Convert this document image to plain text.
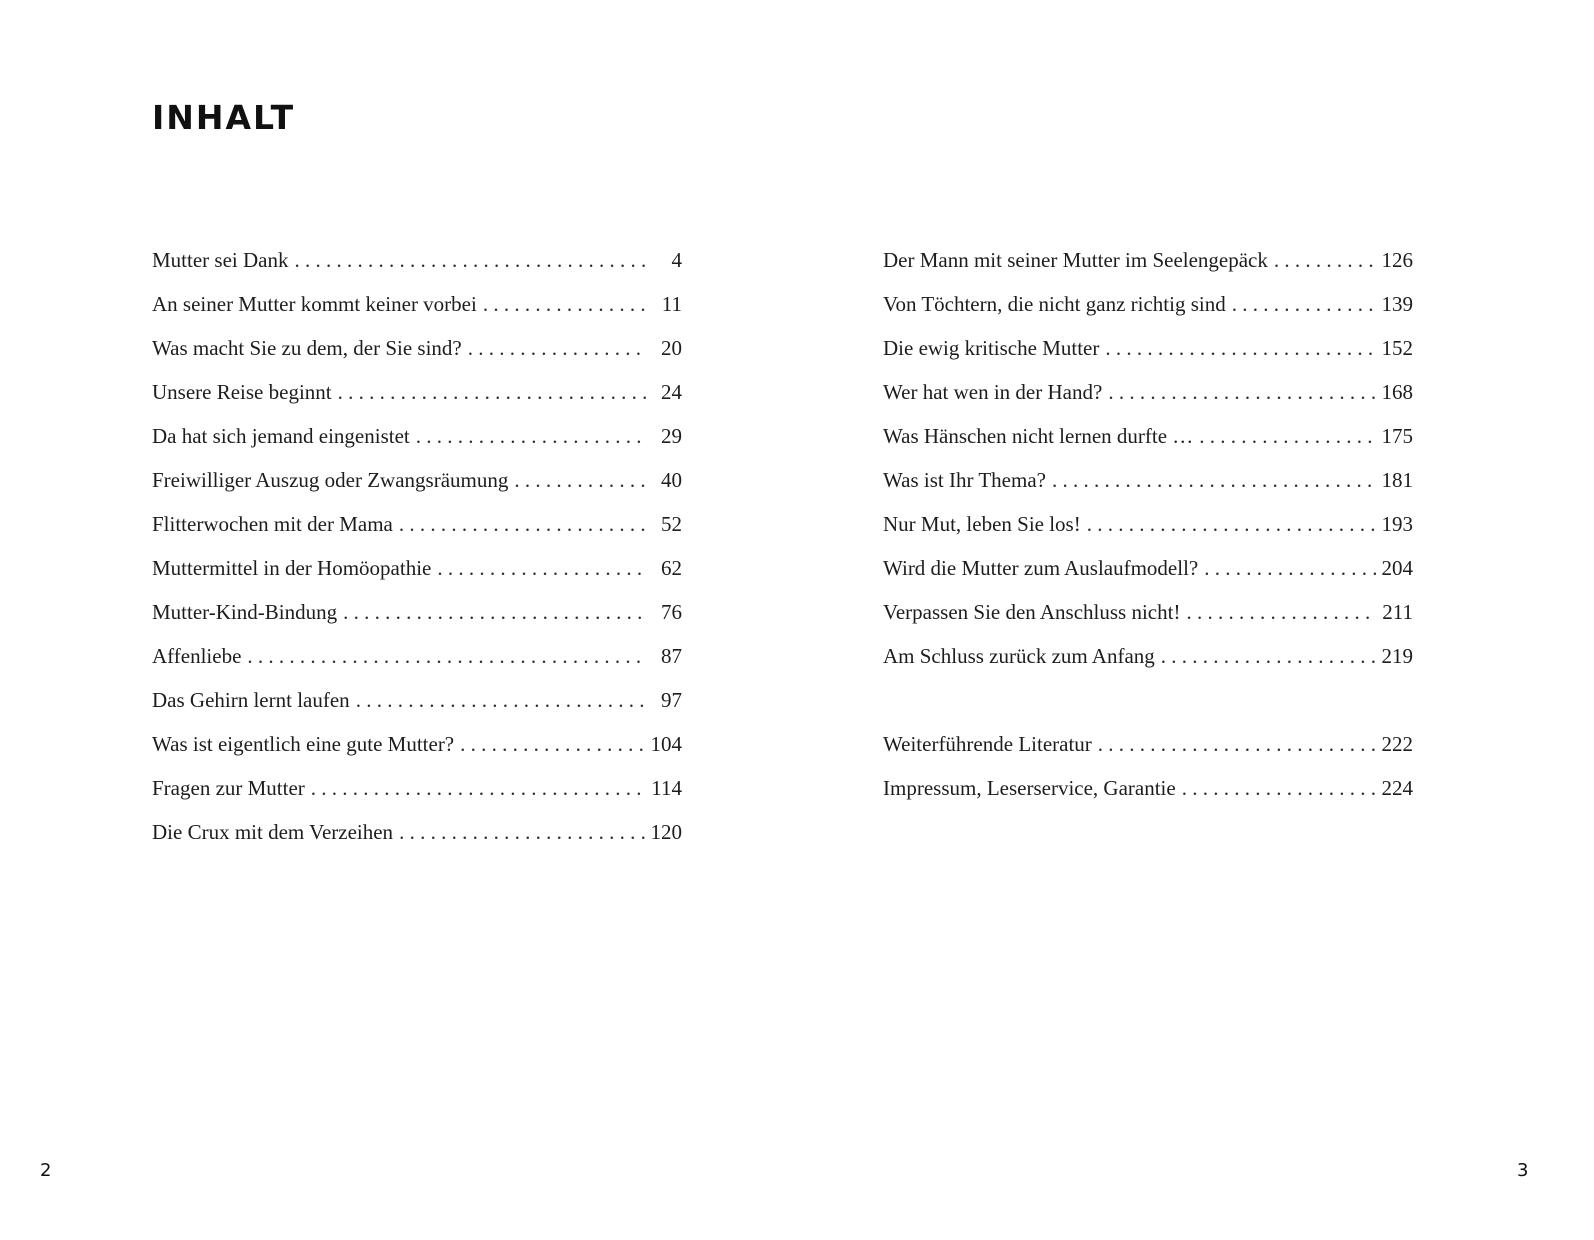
INHALT
Mutter sei Dank . . .	4
An seiner Mutter kommt keiner vorbei . . .	11
Was macht Sie zu dem, der Sie sind? . . .	20
Unsere Reise beginnt . . .	24
Da hat sich jemand eingenistet . . .	29
Freiwilliger Auszug oder Zwangsräumung . . .	40
Flitterwochen mit der Mama . . .	52
Muttermittel in der Homöopathie . . .	62
Mutter-Kind-Bindung . . .	76
Affenliebe . . .	87
Das Gehirn lernt laufen . . .	97
Was ist eigentlich eine gute Mutter? . . .	104
Fragen zur Mutter . . .	114
Die Crux mit dem Verzeihen . . .	120
Der Mann mit seiner Mutter im Seelengepäck . . .	126
Von Töchtern, die nicht ganz richtig sind . . .	139
Die ewig kritische Mutter . . .	152
Wer hat wen in der Hand? . . .	168
Was Hänschen nicht lernen durfte … . . .	175
Was ist Ihr Thema? . . .	181
Nur Mut, leben Sie los! . . .	193
Wird die Mutter zum Auslaufmodell? . . .	204
Verpassen Sie den Anschluss nicht! . . .	211
Am Schluss zurück zum Anfang . . .	219
Weiterführende Literatur . . .	222
Impressum, Leserservice, Garantie . . .	224
2	3
